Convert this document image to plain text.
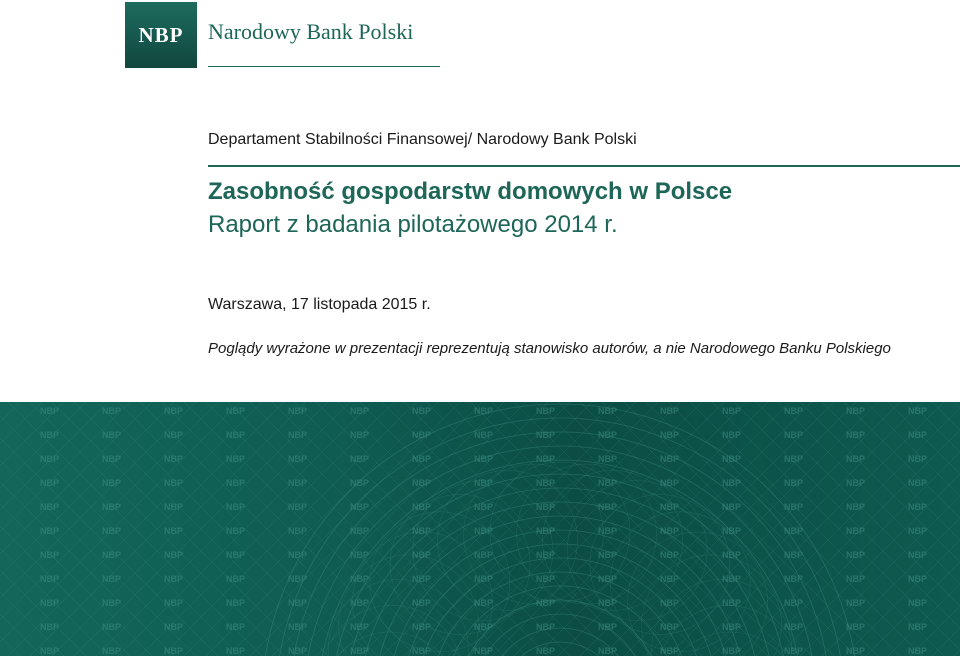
NBP Narodowy Bank Polski
Departament Stabilności Finansowej/ Narodowy Bank Polski
Zasobność gospodarstw domowych w Polsce
Raport z badania pilotażowego 2014 r.
Warszawa, 17 listopada 2015 r.
Poglądy wyrażone w prezentacji reprezentują stanowisko autorów, a nie Narodowego Banku Polskiego
NBP	NBP	NBP	NBP	NBP	NBP	NBP	NBP	NBP	NBP	NBP	NBP	NBP	NBP	NBP
NBP	NBP	NBP	NBP	NBP	NBP	NBP	NBP	NBP	NBP	NBP	NBP	NBP	NBP	NBP
NBP	NBP	NBP	NBP	NBP	NBP	NBP	NBP	NBP	NBP	NBP	NBP	NBP	NBP	NBP
NBP	NBP	NBP	NBP	NBP	NBP	NBP	NBP	NBP	NBP	NBP	NBP	NBP	NBP	NBP
NBP	NBP	NBP	NBP	NBP	NBP	NBP	NBP	NBP	NBP	NBP	NBP	NBP	NBP	NBP
NBP	NBP	NBP	NBP	NBP	NBP	NBP	NBP	NBP	NBP	NBP	NBP	NBP	NBP	NBP
NBP	NBP	NBP	NBP	NBP	NBP	NBP	NBP	NBP	NBP	NBP	NBP	NBP	NBP	NBP
NBP	NBP	NBP	NBP	NBP	NBP	NBP	NBP	NBP	NBP	NBP	NBP	NBP	NBP	NBP
NBP	NBP	NBP	NBP	NBP	NBP	NBP	NBP	NBP	NBP	NBP	NBP	NBP	NBP	NBP
NBP	NBP	NBP	NBP	NBP	NBP	NBP	NBP	NBP	NBP	NBP	NBP	NBP	NBP	NBP
NBP	NBP	NBP	NBP	NBP	NBP	NBP	NBP	NBP	NBP	NBP	NBP	NBP	NBP	NBP
